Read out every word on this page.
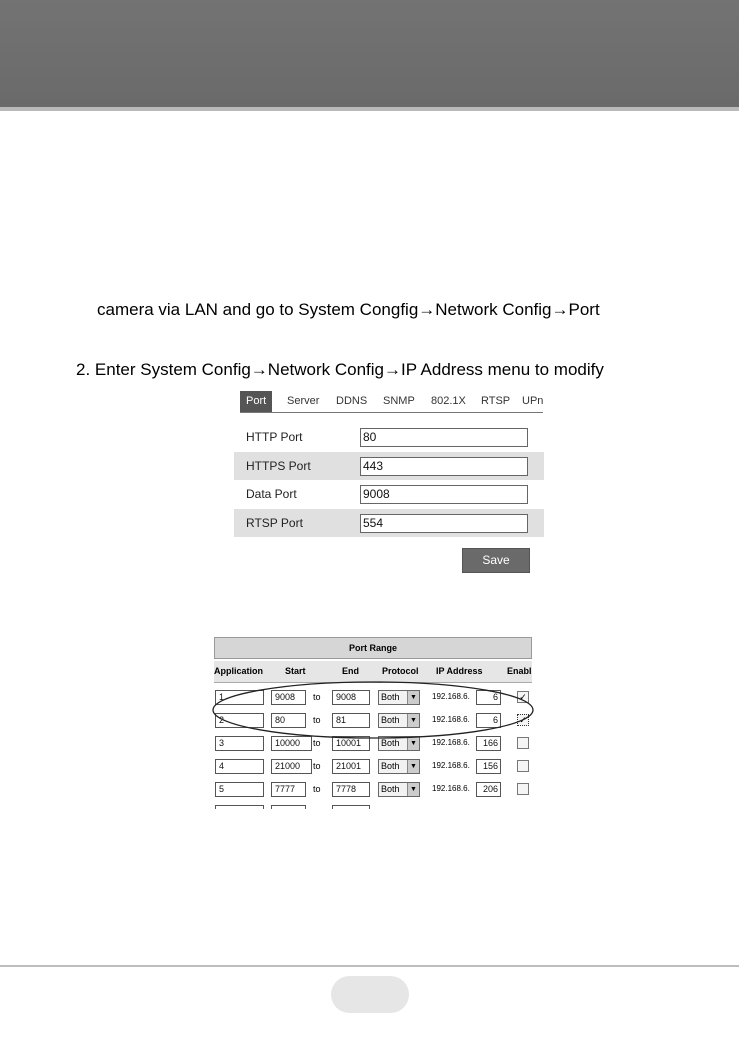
camera via LAN and go to System Congfig→Network Config→Port
2. Enter System Config→Network Config→IP Address menu to modify
Port	Server DDNS SNMP 802.1X RTSP UPn
HTTP Port	80
HTTPS Port	443
Data Port	9008
RTSP Port	554
Save
Port Range
Application Start	End	Protocol IP Address	Enabl
1	9008	to	9008	Both	▼ 192.168.6.	6	✓
2	80	to	81	Both	▼ 192.168.6.	6	✓
3	10000	to	10001	Both	▼ 192.168.6.	166
4	21000	to	21001	Both	▼ 192.168.6.	156
5	7777	to	7778	Both	▼ 192.168.6.	206
